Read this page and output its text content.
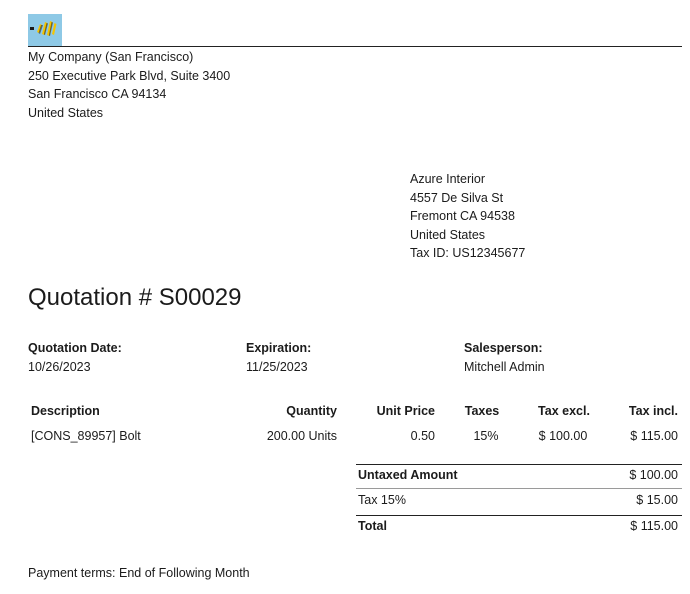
My Company (San Francisco)
250 Executive Park Blvd, Suite 3400
San Francisco CA 94134
United States
Azure Interior
4557 De Silva St
Fremont CA 94538
United States
Tax ID: US12345677
Quotation # S00029
Quotation Date:
10/26/2023
Expiration:
11/25/2023
Salesperson:
Mitchell Admin
Description	Quantity	Unit Price	Taxes	Tax excl.	Tax incl.
[CONS_89957] Bolt	200.00 Units	0.50	15%	$ 100.00	$ 115.00
Untaxed Amount	$ 100.00
Tax 15%	$ 15.00
Total	$ 115.00
Payment terms: End of Following Month
